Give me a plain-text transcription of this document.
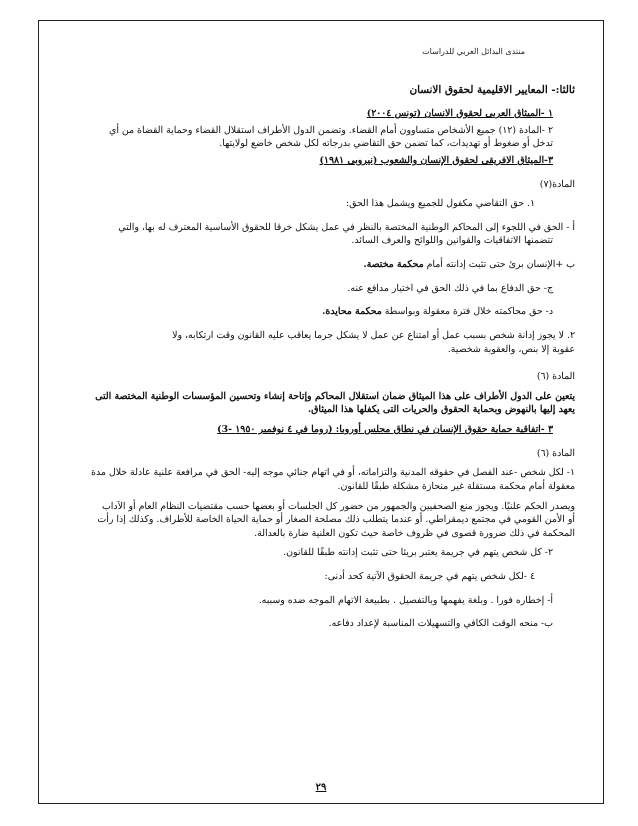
منتدى البدائل العربي للدراسات

ثالثا:- المعايير الاقليمية لحقوق الانسان

١ -الميثاق العربى لحقوق الانسان (تونس ٢٠٠٤)

٢ -المادة (١٢) جميع الأشخاص متساوون أمام القضاء. وتضمن الدول الأطراف استقلال القضاء وحماية القضاة من أي

تدخل أو ضغوط أو تهديدات، كما تضمن حق التقاضي بدرجاته لكل شخص خاضع لولايتها.

٣-الميثاق الافريقى لحقوق الإنسان والشعوب (نيروبى ١٩٨١)

المادة(٧)

١. حق التقاضي مكفول للجميع ويشمل هذا الحق:

أ - الحق في اللجوء إلى المحاكم الوطنية المختصة بالنظر في عمل يشكل خرقا للحقوق الأساسية المعترف له بها، والتي

تتضمنها الاتفاقيات والقوانين واللوائح والعرف السائد.

ب +الإنسان برئ حتى تثبت إدانته أمام محكمة مختصة.

ج- حق الدفاع بما في ذلك الحق في اختيار مدافع عنه.

د- حق محاكمته خلال فترة معقولة وبواسطة محكمة محايدة.

٢. لا يجوز إدانة شخص بسبب عمل أو امتناع عن عمل لا يشكل جرما يعاقب عليه القانون وقت ارتكابه، ولا

عقوبة إلا بنص، والعقوبة شخصية.

المادة (٦)

يتعين على الدول الأطراف على هذا الميثاق ضمان استقلال المحاكم وإتاحة إنشاء وتحسين المؤسسات الوطنية المختصة التى

يعهد إليها بالنهوض وبحماية الحقوق والحريات التى يكفلها هذا الميثاق.

٣ -اتفاقية حماية حقوق الإنسان في نطاق مجلس أوروبا: (روما في ٤ نوفمبر ١٩٥٠ -3)

المادة (٦)

١- لكل شخص -عند الفصل في حقوقه المدنية والتزاماته، أو في اتهام جنائي موجه إليه- الحق في مرافعة علنية عادلة خلال مدة

معقولة أمام محكمة مستقلة غير منحازة مشكلة طبقًا للقانون.

ويصدر الحكم علنيًا. ويجوز منع الصحفيين والجمهور من حضور كل الجلسات أو بعضها حسب مقتضيات النظام العام أو الآداب

أو الأمن القومي في مجتمع ديمقراطي. أو عندما يتطلب ذلك مصلحة الصغار أو حماية الحياة الخاصة للأطراف. وكذلك إذا رأت

المحكمة في ذلك ضرورة قصوى في ظروف خاصة حيث تكون العلنية ضارة بالعدالة.

٢- كل شخص يتهم في جريمة يعتبر بريئا حتى تثبت إدانته طبقًا للقانون.

٤ -لكل شخص يتهم في جريمة الحقوق الآتية كحد أدنى:

أ- إخطاره فورا . وبلغة يفهمها وبالتفصيل . بطبيعة الاتهام الموجه ضده وسببه.

ب- منحه الوقت الكافي والتسهيلات المناسبة لإعداد دفاعه.

٢٩
